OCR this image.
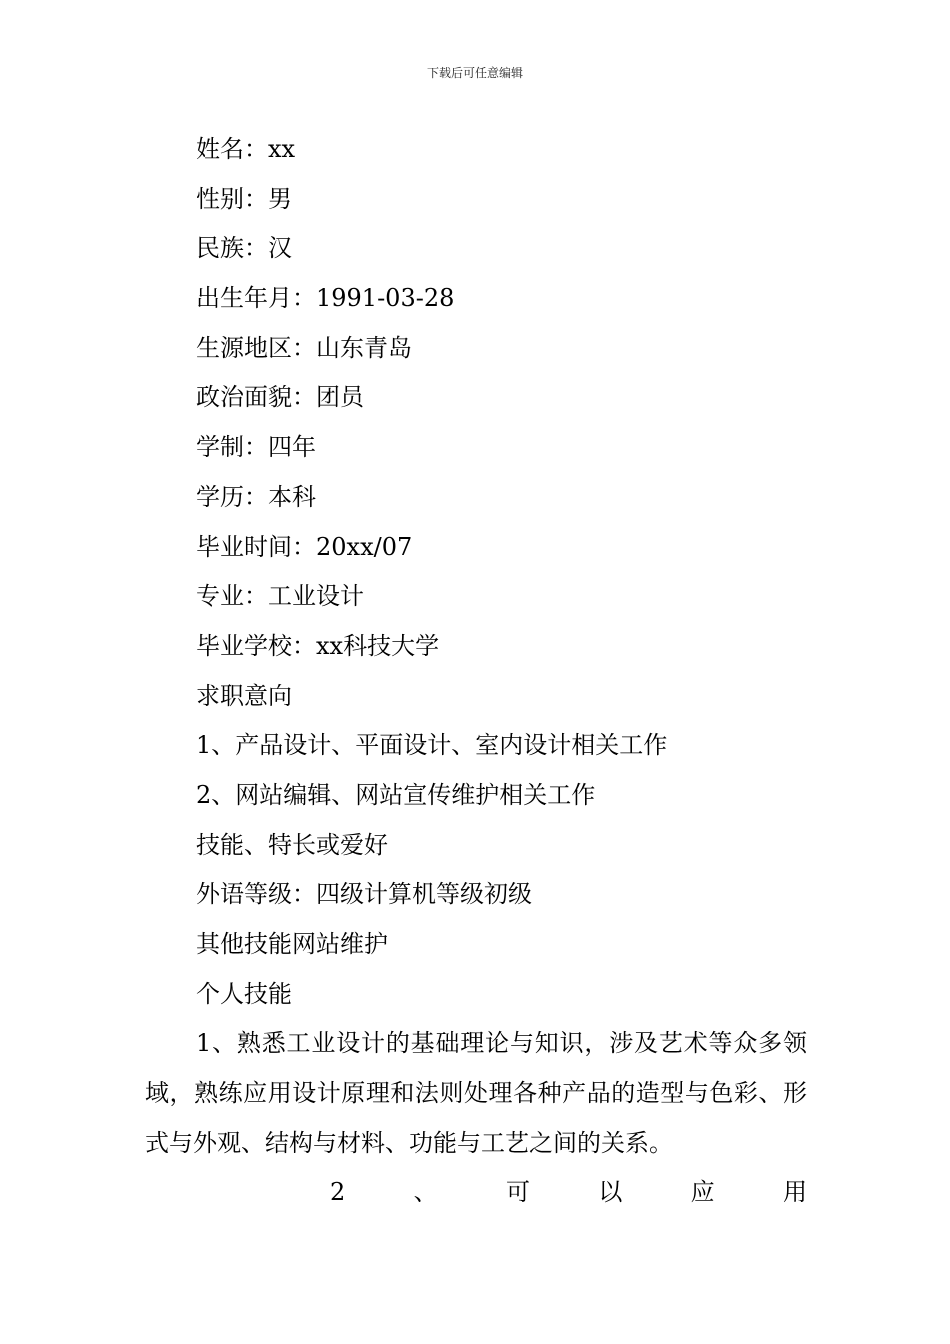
下载后可任意编辑
姓名：xx
性别：男
民族：汉
出生年月：1991-03-28
生源地区：山东青岛
政治面貌：团员
学制：四年
学历：本科
毕业时间：20xx/07
专业：工业设计
毕业学校：xx科技大学
求职意向
1、产品设计、平面设计、室内设计相关工作
2、网站编辑、网站宣传维护相关工作
技能、特长或爱好
外语等级：四级计算机等级初级
其他技能网站维护
个人技能
1、熟悉工业设计的基础理论与知识，涉及艺术等众多领域，熟练应用设计原理和法则处理各种产品的造型与色彩、形式与外观、结构与材料、功能与工艺之间的关系。
2	、	可	以	应	用
